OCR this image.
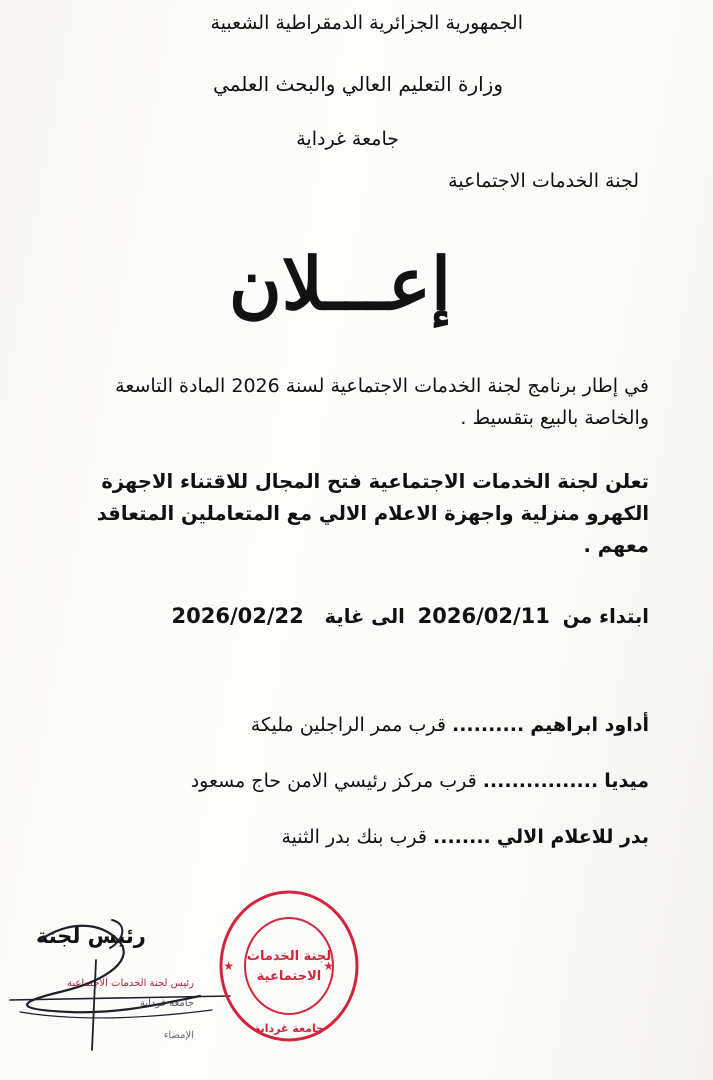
الجمهورية الجزائرية الدمقراطية الشعبية
وزارة التعليم العالي والبحث العلمي
جامعة غرداية
لجنة الخدمات الاجتماعية
إعـــلان
في إطار برنامج لجنة الخدمات الاجتماعية لسنة 2026 المادة التاسعة والخاصة بالبيع بتقسيط .
تعلن لجنة الخدمات الاجتماعية فتح المجال للاقتناء الاجهزة الكهرو منزلية واجهزة الاعلام الالي مع المتعاملين المتعاقد معهم .
ابتداء من 2026/02/11 الى غاية 2026/02/22
أداود ابراهيم .......... قرب ممر الراجلين مليكة
ميديا ................ قرب مركز رئيسي الامن حاج مسعود
بدر للاعلام الالي ........ قرب بنك بدر الثنية
رئيس لجنة
رئيس لجنة الخدمات الاجتماعية
جامعة غرداية
الإمضاء
لجنة الخدمات
الاجتماعية
جامعة غرداية
★	★
